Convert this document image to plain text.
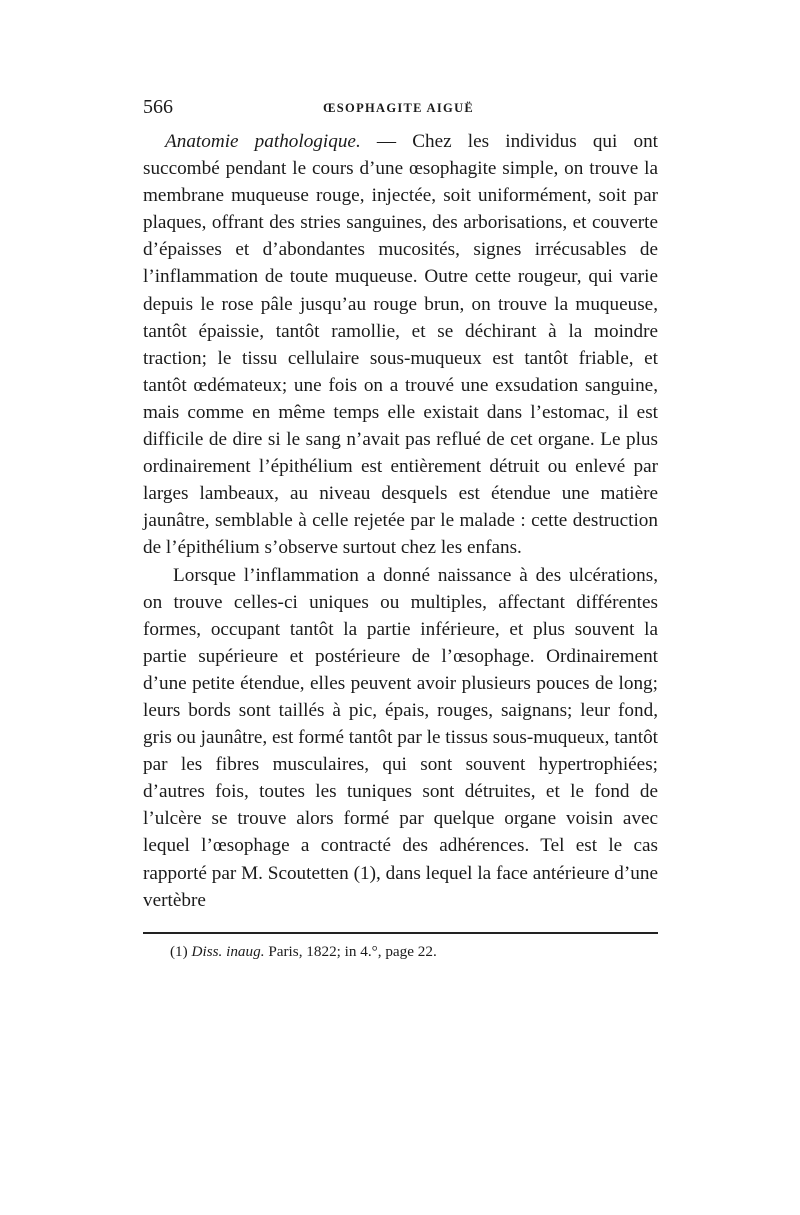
566	ŒSOPHAGITE AIGUË

Anatomie pathologique. — Chez les individus qui ont succombé pendant le cours d’une œsophagite simple, on trouve la membrane muqueuse rouge, injectée, soit uniformément, soit par plaques, offrant des stries sanguines, des arborisations, et couverte d’épaisses et d’abondantes mucosités, signes irrécusables de l’inflammation de toute muqueuse. Outre cette rougeur, qui varie depuis le rose pâle jusqu’au rouge brun, on trouve la muqueuse, tantôt épaissie, tantôt ramollie, et se déchirant à la moindre traction; le tissu cellulaire sous-muqueux est tantôt friable, et tantôt œdémateux; une fois on a trouvé une exsudation sanguine, mais comme en même temps elle existait dans l’estomac, il est difficile de dire si le sang n’avait pas reflué de cet organe. Le plus ordinairement l’épithélium est entièrement détruit ou enlevé par larges lambeaux, au niveau desquels est étendue une matière jaunâtre, semblable à celle rejetée par le malade : cette destruction de l’épithélium s’observe surtout chez les enfans.

Lorsque l’inflammation a donné naissance à des ulcérations, on trouve celles-ci uniques ou multiples, affectant différentes formes, occupant tantôt la partie inférieure, et plus souvent la partie supérieure et postérieure de l’œsophage. Ordinairement d’une petite étendue, elles peuvent avoir plusieurs pouces de long; leurs bords sont taillés à pic, épais, rouges, saignans; leur fond, gris ou jaunâtre, est formé tantôt par le tissus sous-muqueux, tantôt par les fibres musculaires, qui sont souvent hypertrophiées; d’autres fois, toutes les tuniques sont détruites, et le fond de l’ulcère se trouve alors formé par quelque organe voisin avec lequel l’œsophage a contracté des adhérences. Tel est le cas rapporté par M. Scoutetten (1), dans lequel la face antérieure d’une vertèbre

(1) Diss. inaug. Paris, 1822; in 4.°, page 22.
